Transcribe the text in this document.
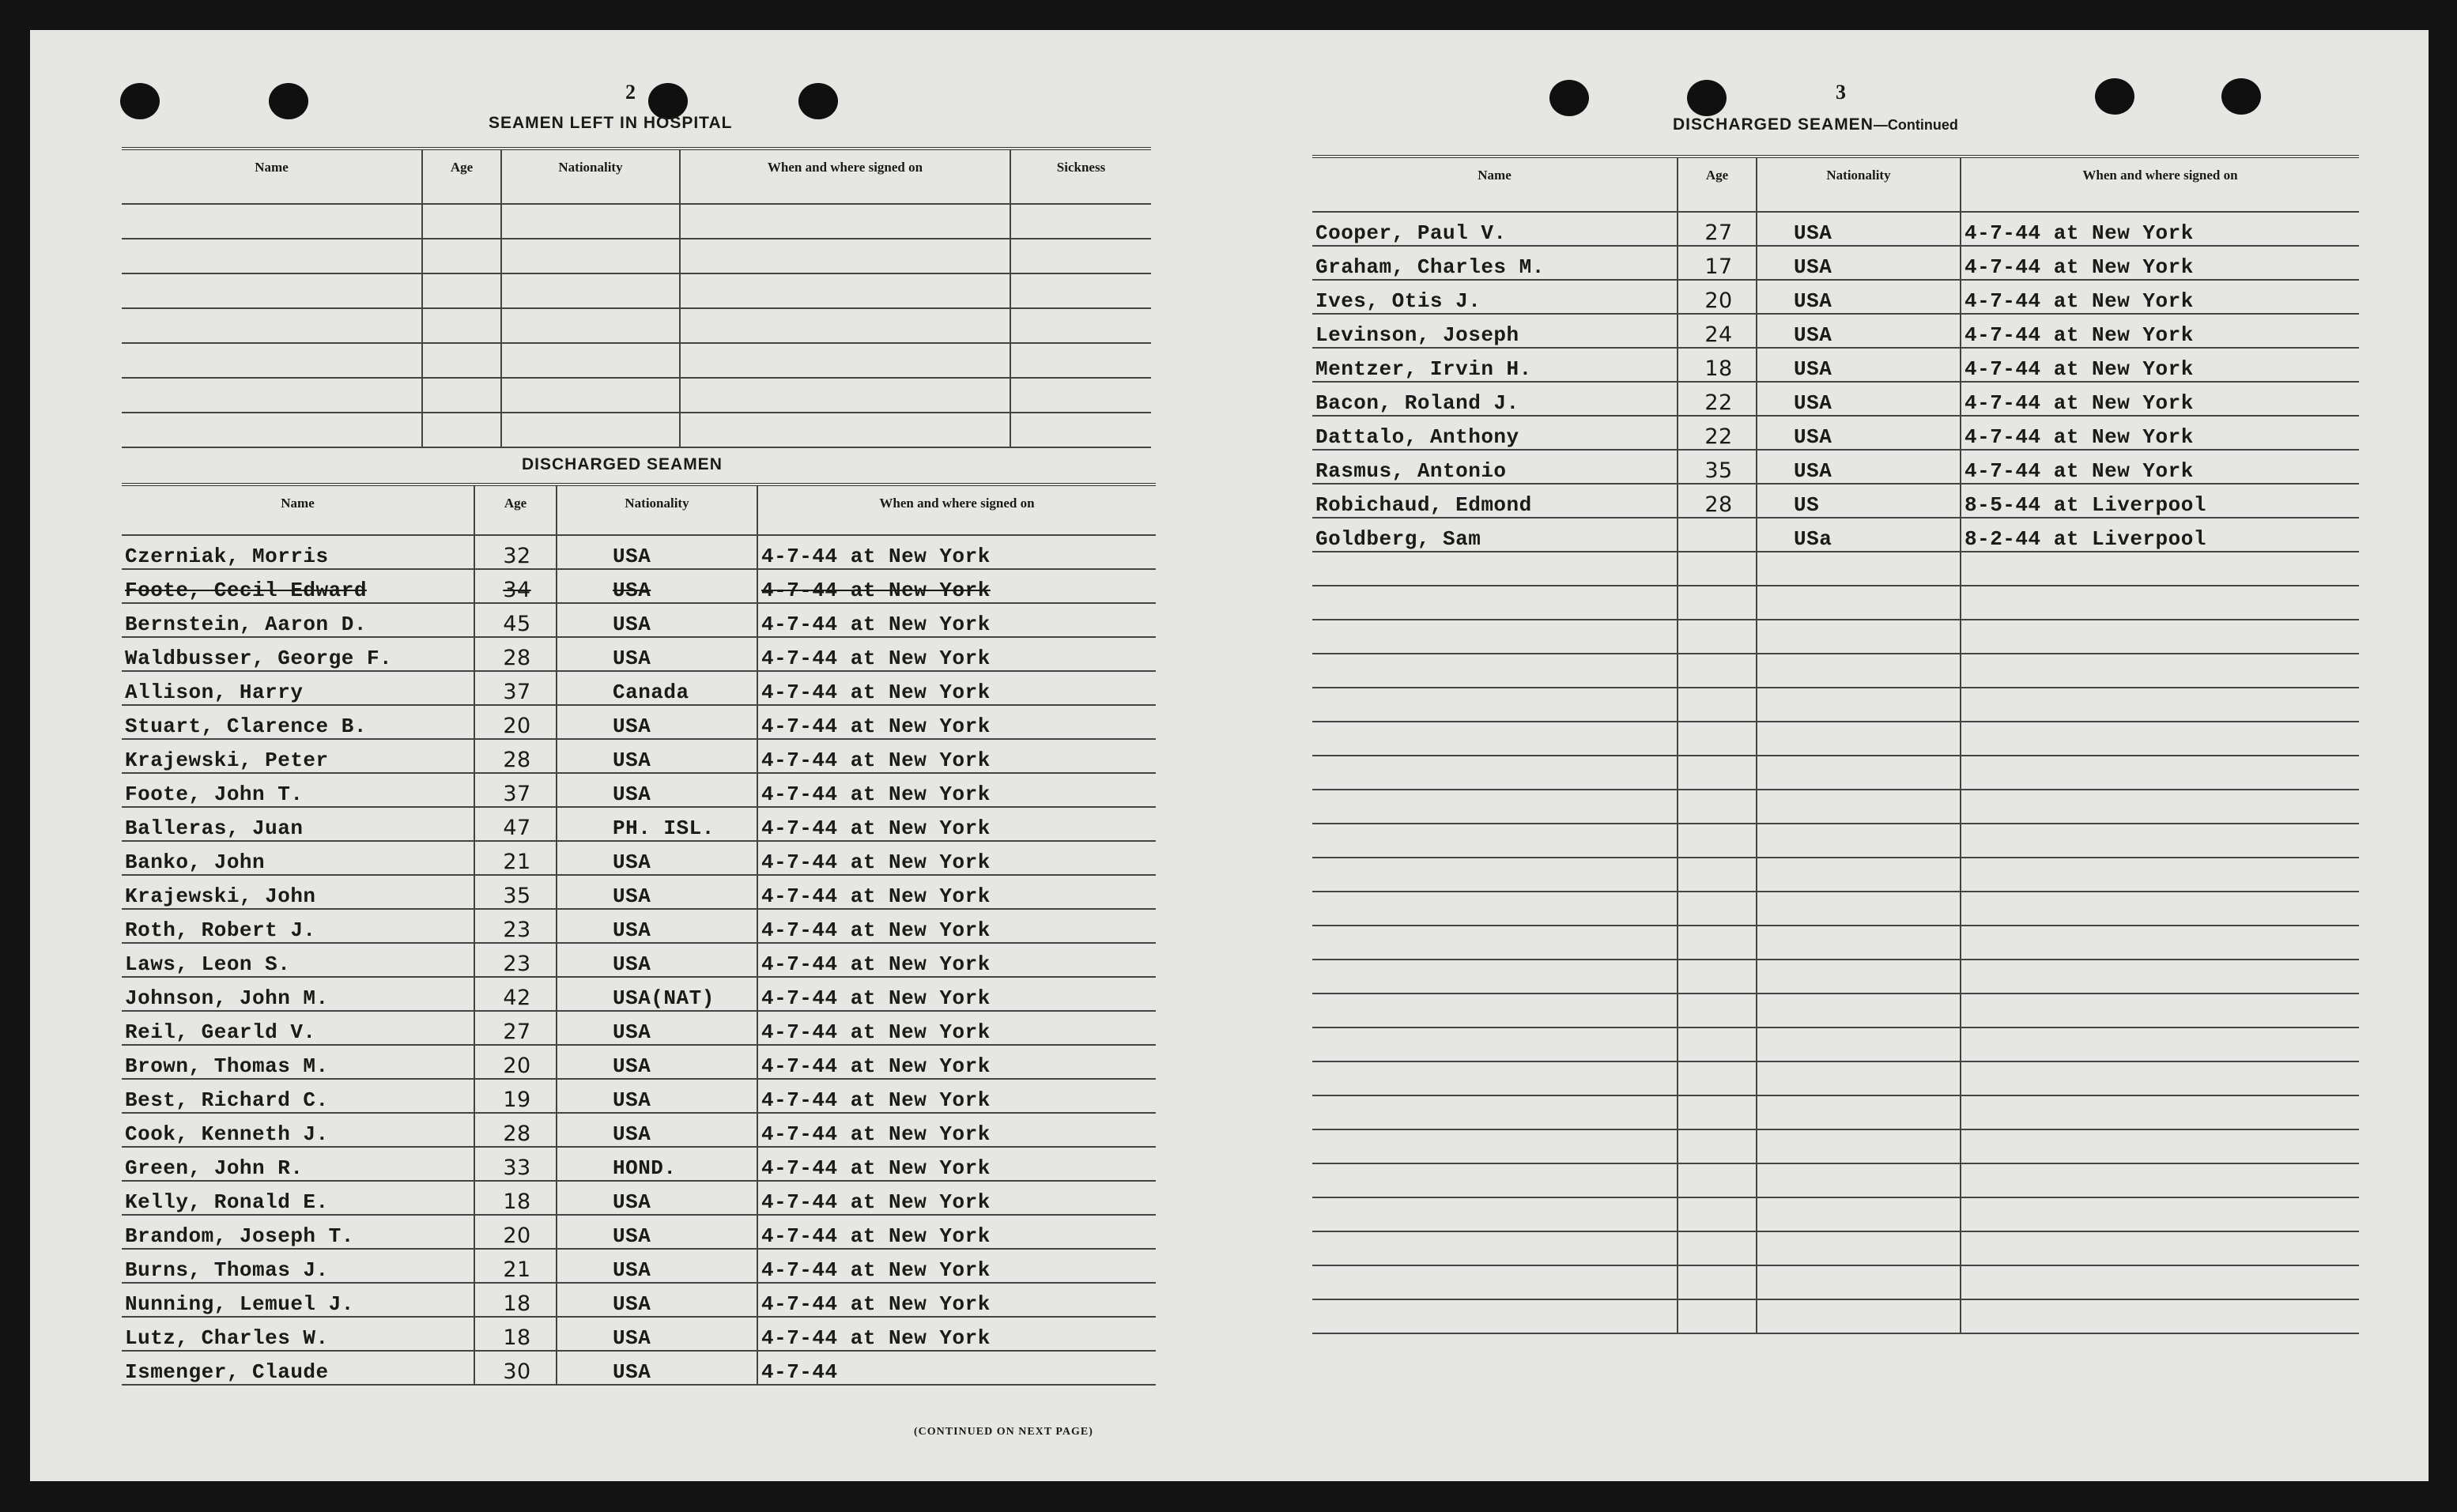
2
SEAMEN LEFT IN HOSPITAL
Name	Age	Nationality	When and where signed on	Sickness

DISCHARGED SEAMEN
Name	Age	Nationality	When and where signed on
Czerniak, Morris	32	USA	4-7-44 at New York
Foote, Cecil Edward	34	USA	4-7-44 at New York
Bernstein, Aaron D.	45	USA	4-7-44 at New York
Waldbusser, George F.	28	USA	4-7-44 at New York
Allison, Harry	37	Canada	4-7-44 at New York
Stuart, Clarence B.	20	USA	4-7-44 at New York
Krajewski, Peter	28	USA	4-7-44 at New York
Foote, John T.	37	USA	4-7-44 at New York
Balleras, Juan	47	PH. ISL.	4-7-44 at New York
Banko, John	21	USA	4-7-44 at New York
Krajewski, John	35	USA	4-7-44 at New York
Roth, Robert J.	23	USA	4-7-44 at New York
Laws, Leon S.	23	USA	4-7-44 at New York
Johnson, John M.	42	USA(NAT)	4-7-44 at New York
Reil, Gearld V.	27	USA	4-7-44 at New York
Brown, Thomas M.	20	USA	4-7-44 at New York
Best, Richard C.	19	USA	4-7-44 at New York
Cook, Kenneth J.	28	USA	4-7-44 at New York
Green, John R.	33	HOND.	4-7-44 at New York
Kelly, Ronald E.	18	USA	4-7-44 at New York
Brandom, Joseph T.	20	USA	4-7-44 at New York
Burns, Thomas J.	21	USA	4-7-44 at New York
Nunning, Lemuel J.	18	USA	4-7-44 at New York
Lutz, Charles W.	18	USA	4-7-44 at New York
Ismenger, Claude	30	USA	4-7-44
(CONTINUED ON NEXT PAGE)
3
DISCHARGED SEAMEN—Continued
Name	Age	Nationality	When and where signed on
Cooper, Paul V.	27	USA	4-7-44 at New York
Graham, Charles M.	17	USA	4-7-44 at New York
Ives, Otis J.	20	USA	4-7-44 at New York
Levinson, Joseph	24	USA	4-7-44 at New York
Mentzer, Irvin H.	18	USA	4-7-44 at New York
Bacon, Roland J.	22	USA	4-7-44 at New York
Dattalo, Anthony	22	USA	4-7-44 at New York
Rasmus, Antonio	35	USA	4-7-44 at New York
Robichaud, Edmond	28	US	8-5-44 at Liverpool
Goldberg, Sam		USa	8-2-44 at Liverpool
